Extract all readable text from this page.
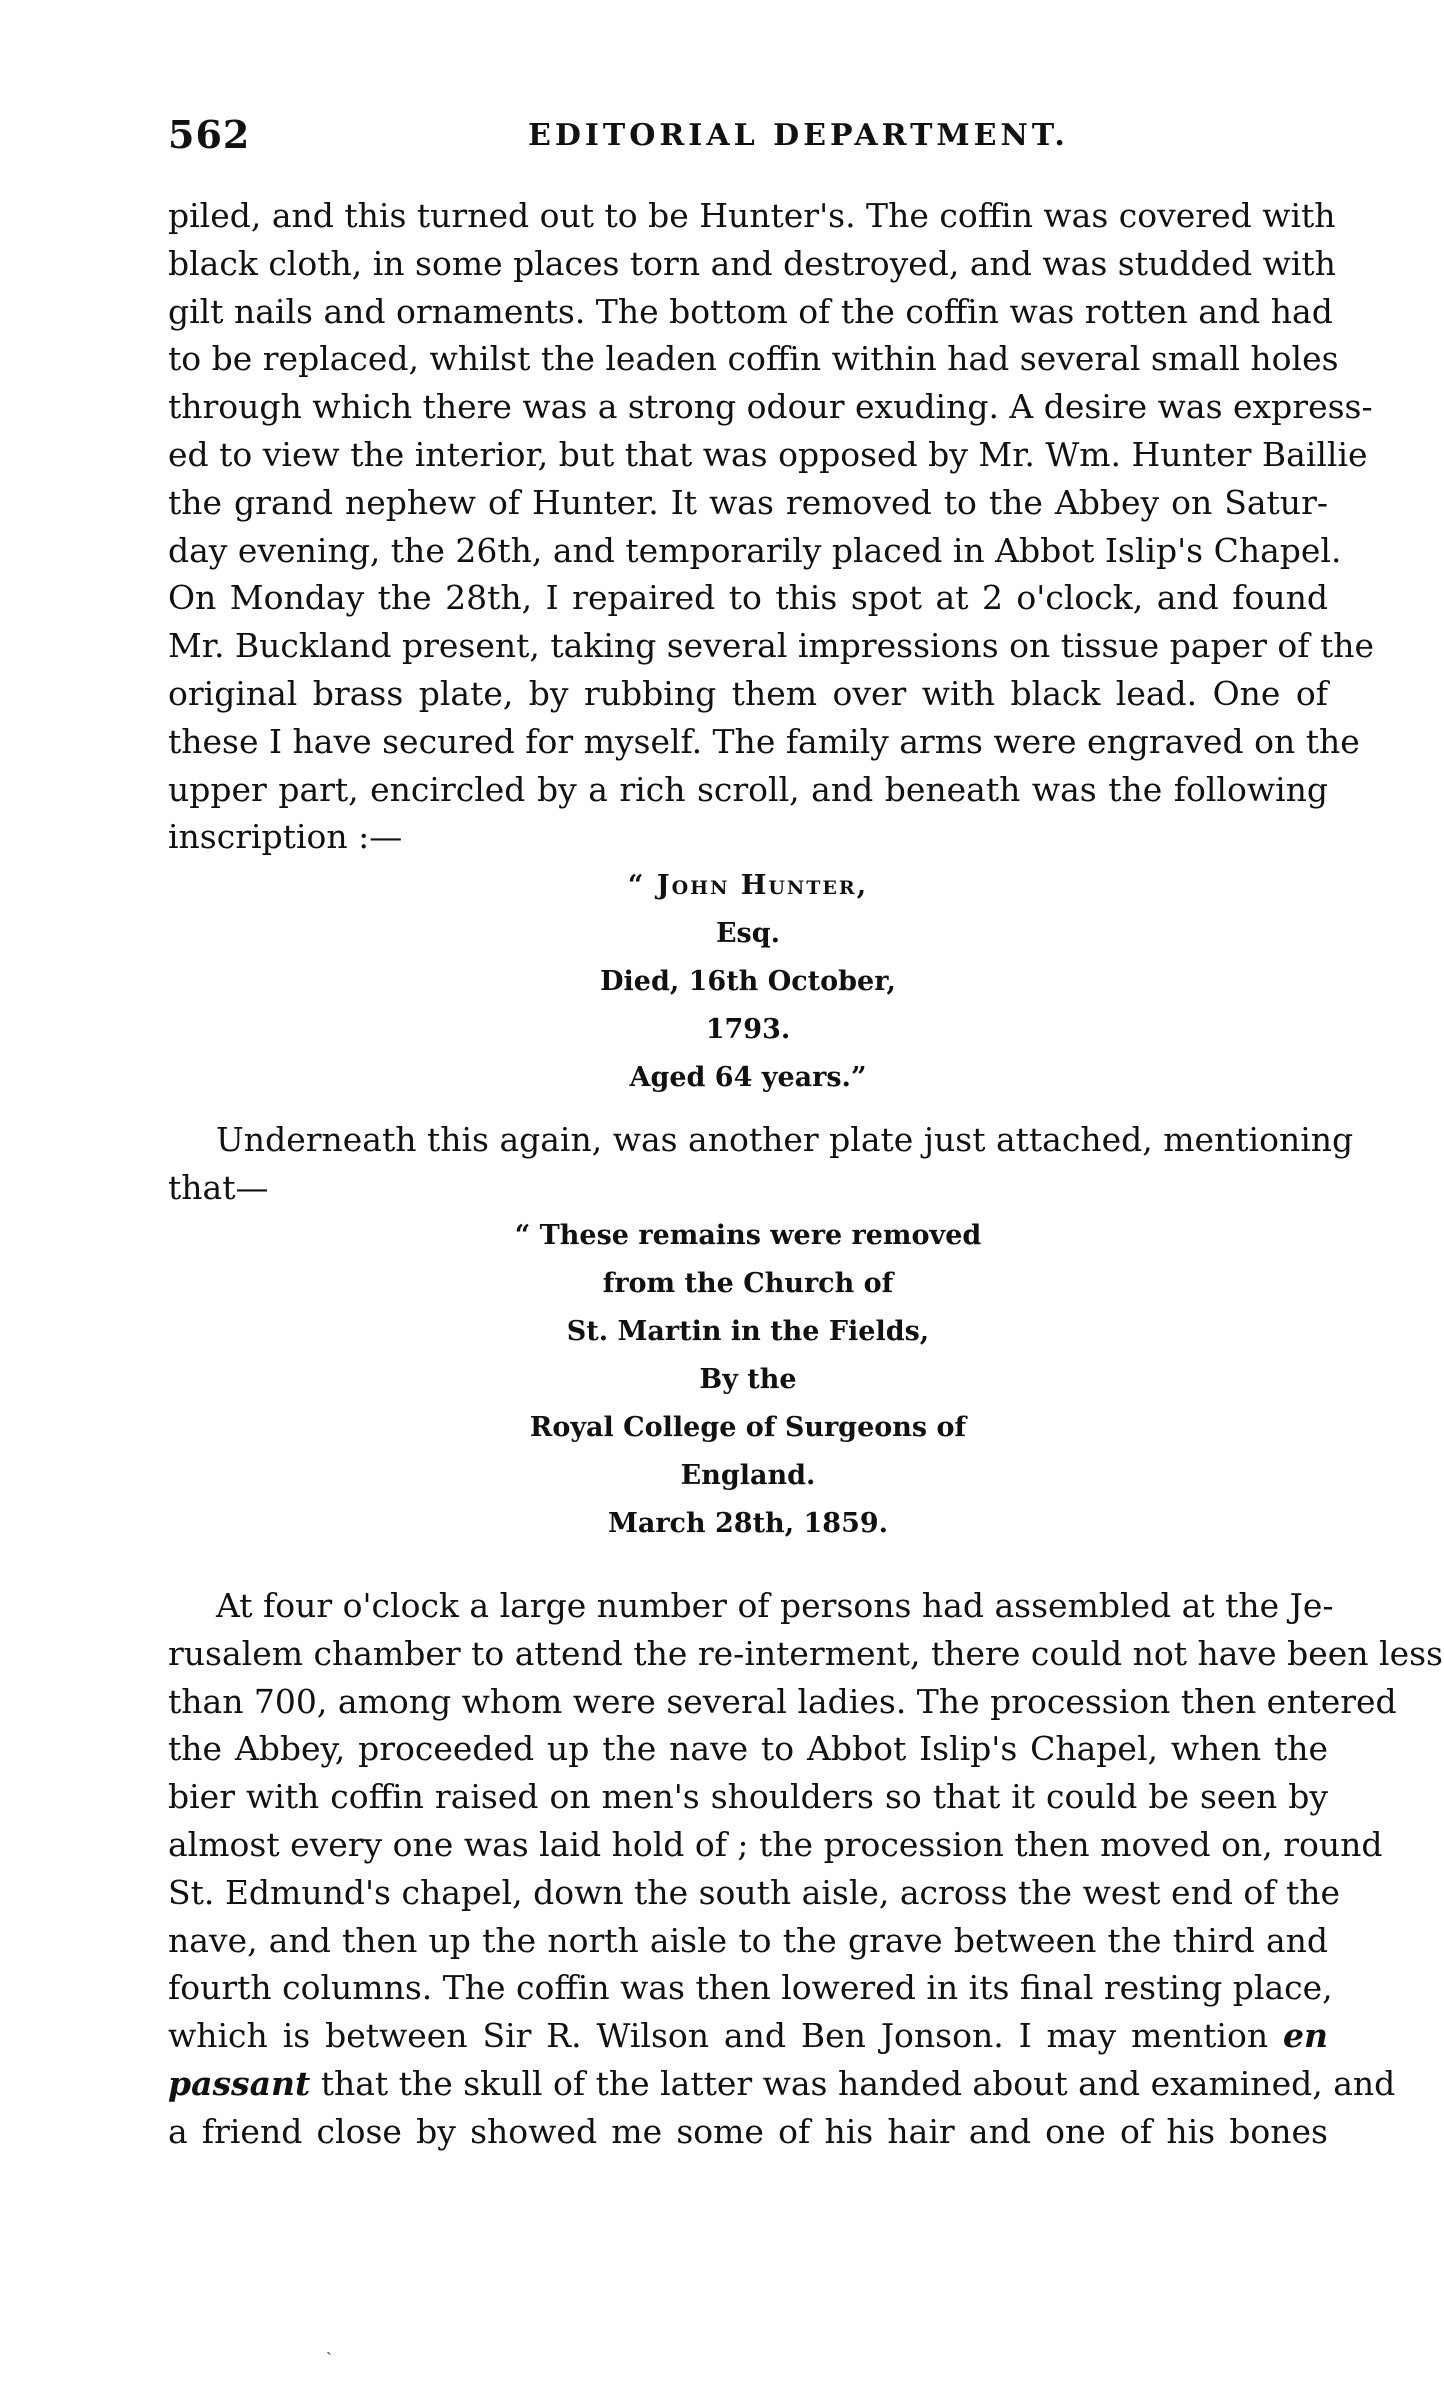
562	EDITORIAL DEPARTMENT.
piled, and this turned out to be Hunter's. The coffin was covered with
black cloth, in some places torn and destroyed, and was studded with
gilt nails and ornaments. The bottom of the coffin was rotten and had
to be replaced, whilst the leaden coffin within had several small holes
through which there was a strong odour exuding. A desire was express-
ed to view the interior, but that was opposed by Mr. Wm. Hunter Baillie
the grand nephew of Hunter. It was removed to the Abbey on Satur-
day evening, the 26th, and temporarily placed in Abbot Islip's Chapel.
On Monday the 28th, I repaired to this spot at 2 o'clock, and found
Mr. Buckland present, taking several impressions on tissue paper of the
original brass plate, by rubbing them over with black lead. One of
these I have secured for myself. The family arms were engraved on the
upper part, encircled by a rich scroll, and beneath was the following
inscription :—
“ John Hunter,
Esq.
Died, 16th October,
1793.
Aged 64 years.”
Underneath this again, was another plate just attached, mentioning
that—
“ These remains were removed
from the Church of
St. Martin in the Fields,
By the
Royal College of Surgeons of
England.
March 28th, 1859.
At four o'clock a large number of persons had assembled at the Je-
rusalem chamber to attend the re-interment, there could not have been less
than 700, among whom were several ladies. The procession then entered
the Abbey, proceeded up the nave to Abbot Islip's Chapel, when the
bier with coffin raised on men's shoulders so that it could be seen by
almost every one was laid hold of ; the procession then moved on, round
St. Edmund's chapel, down the south aisle, across the west end of the
nave, and then up the north aisle to the grave between the third and
fourth columns. The coffin was then lowered in its final resting place,
which is between Sir R. Wilson and Ben Jonson. I may mention en
passant that the skull of the latter was handed about and examined, and
a friend close by showed me some of his hair and one of his bones
ˏ
